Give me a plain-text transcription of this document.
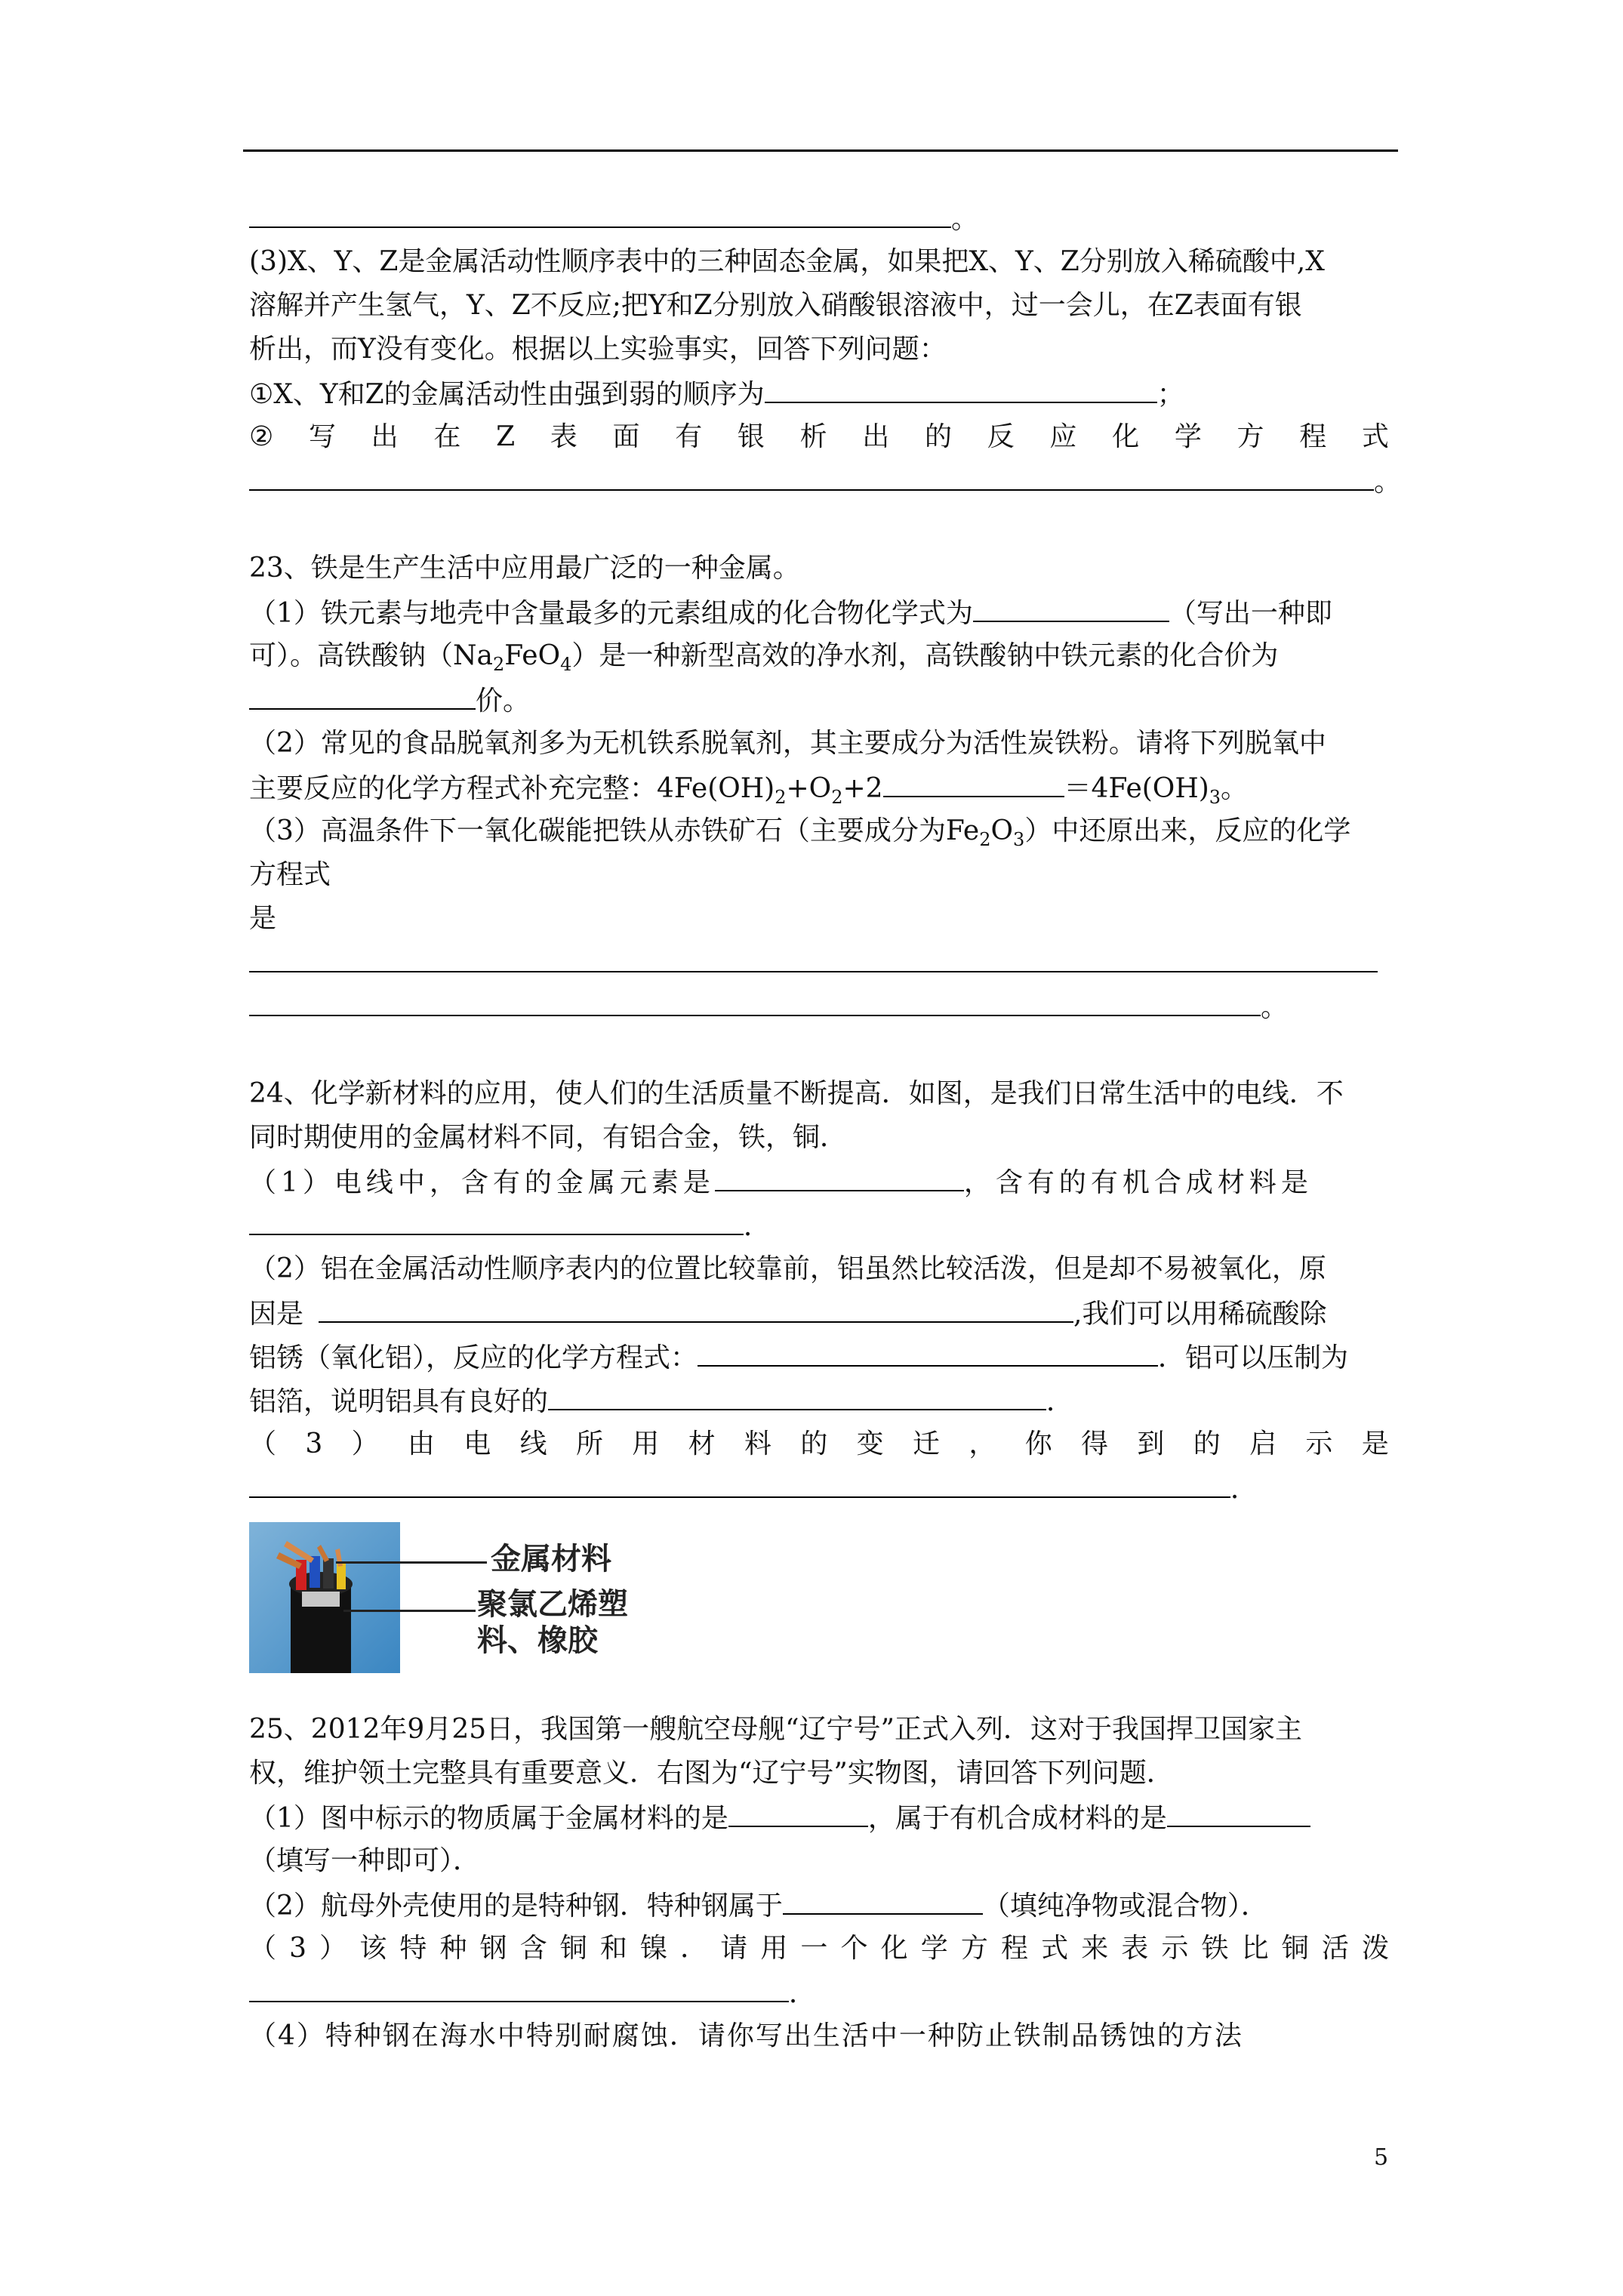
。
(3)X、Y、Z是金属活动性顺序表中的三种固态金属，如果把X、Y、Z分别放入稀硫酸中,X
溶解并产生氢气，Y、Z不反应;把Y和Z分别放入硝酸银溶液中，过一会儿，在Z表面有银
析出，而Y没有变化。根据以上实验事实，回答下列问题：
①X、Y和Z的金属活动性由强到弱的顺序为	；
② 写 出 在 Z 表 面 有 银 析 出 的 反 应 化 学 方 程 式
。
23、铁是生产生活中应用最广泛的一种金属。
（1）铁元素与地壳中含量最多的元素组成的化合物化学式为	（写出一种即
可）。高铁酸钠$(Na_2FeO_4)$是一种新型高效的净水剂，高铁酸钠中铁元素的化合价为
价。
（2）常见的食品脱氧剂多为无机铁系脱氧剂，其主要成分为活性炭铁粉。请将下列脱氧中
主要反应的化学方程式补充完整：$4Fe(OH)_2+O_2+2$	$=4Fe(OH)_3$。
（3）高温条件下一氧化碳能把铁从赤铁矿石（主要成分为$Fe_2O_3$）中还原出来，反应的化学
方程式
是
。
24、化学新材料的应用，使人们的生活质量不断提高．如图，是我们日常生活中的电线．不
同时期使用的金属材料不同，有铝合金，铁，铜．
（1）电线中，含有的金属元素是	，含有的有机合成材料是
．
（2）铝在金属活动性顺序表内的位置比较靠前，铝虽然比较活泼，但是却不易被氧化，原
因是	,我们可以用稀硫酸除
铝锈（氧化铝），反应的化学方程式：	．铝可以压制为
铝箔，说明铝具有良好的	．
（ 3 ） 由 电 线 所 用 材 料 的 变 迁 ， 你 得 到 的 启 示 是
．
金属材料
聚氯乙烯塑
料、橡胶
25、2012年9月25日，我国第一艘航空母舰“辽宁号”正式入列．这对于我国捍卫国家主
权，维护领土完整具有重要意义．右图为“辽宁号”实物图，请回答下列问题．
（1）图中标示的物质属于金属材料的是	，属于有机合成材料的是
（填写一种即可）．
（2）航母外壳使用的是特种钢．特种钢属于	（填纯净物或混合物）．
（ 3 ） 该 特 种 钢 含 铜 和 镍 ． 请 用 一 个 化 学 方 程 式 来 表 示 铁 比 铜 活 泼
．
（4）特种钢在海水中特别耐腐蚀．请你写出生活中一种防止铁制品锈蚀的方法
5
